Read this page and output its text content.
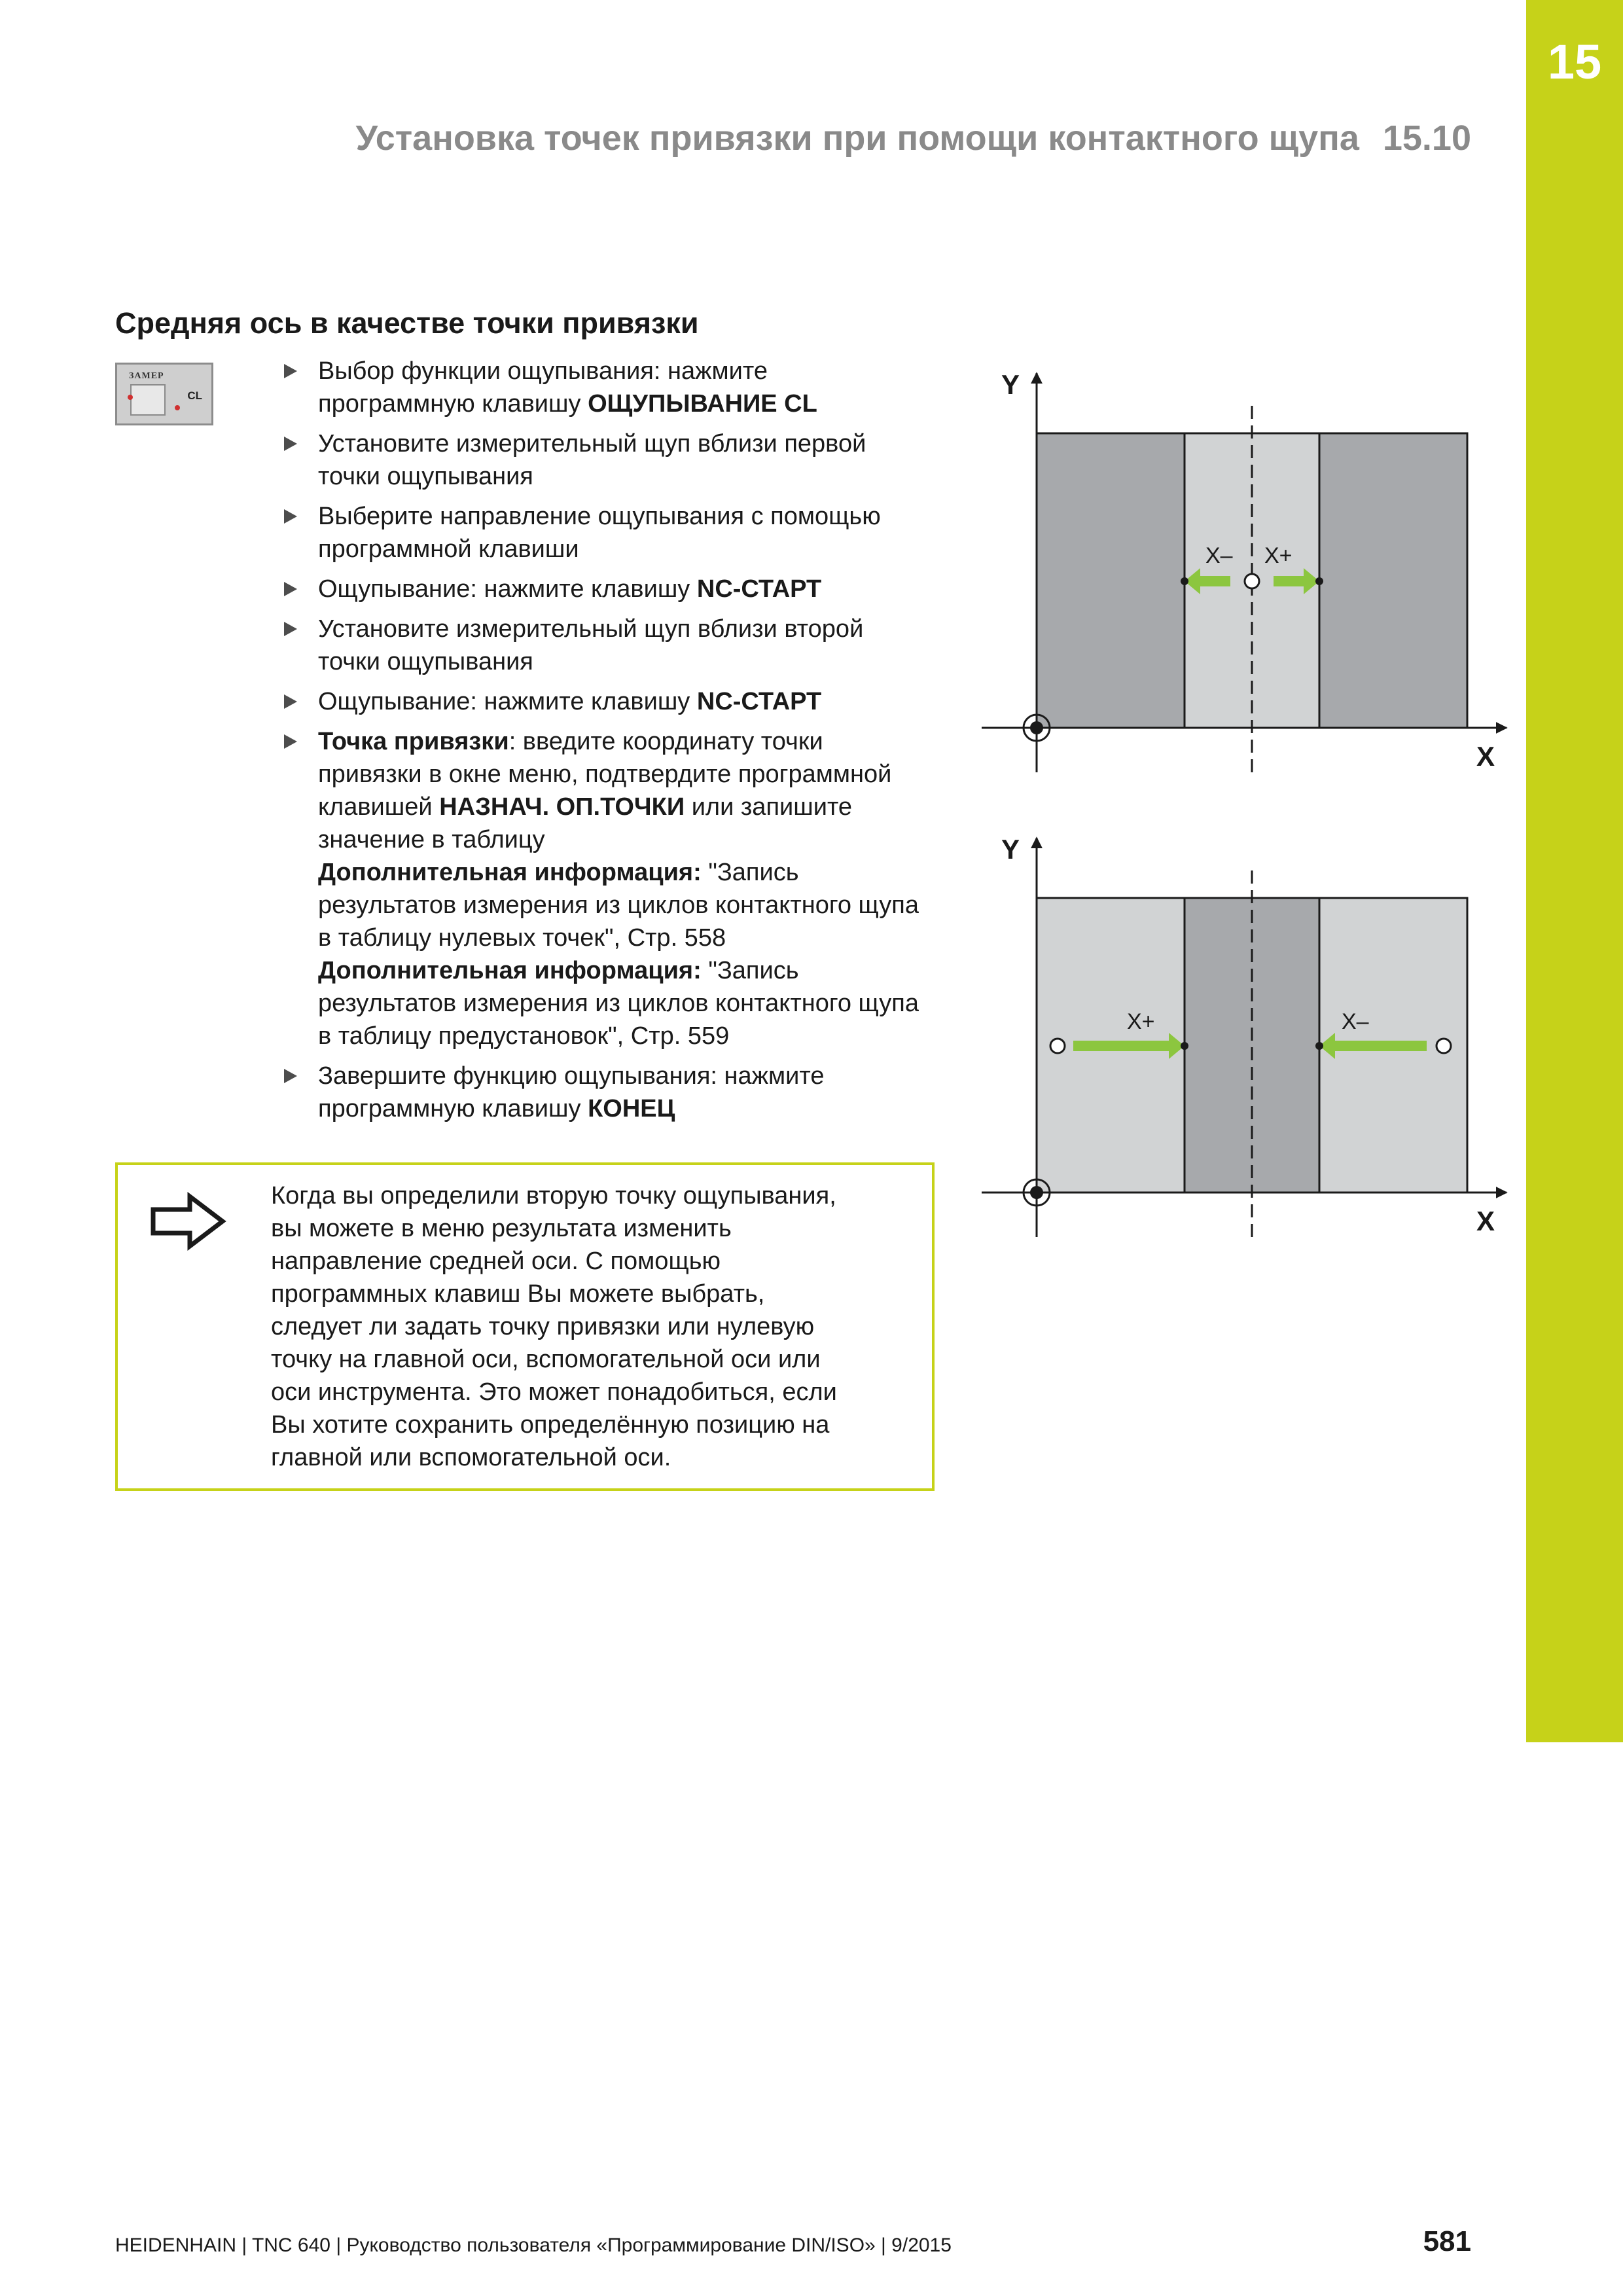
15
Установка точек привязки при помощи контактного щупа 15.10
Средняя ось в качестве точки привязки
ЗАМЕР
CL
Выбор функции ощупывания: нажмите программную клавишу ОЩУПЫВАНИЕ CL
Установите измерительный щуп вблизи первой точки ощупывания
Выберите направление ощупывания с помощью программной клавиши
Ощупывание: нажмите клавишу NC-СТАРТ
Установите измерительный щуп вблизи второй точки ощупывания
Ощупывание: нажмите клавишу NC-СТАРТ
Точка привязки: введите координату точки привязки в окне меню, подтвердите программной клавишей НАЗНАЧ. ОП.ТОЧКИ или запишите значение в таблицу
Дополнительная информация: "Запись результатов измерения из циклов контактного щупа в таблицу нулевых точек", Стр. 558
Дополнительная информация: "Запись результатов измерения из циклов контактного щупа в таблицу предустановок", Стр. 559
Завершите функцию ощупывания: нажмите программную клавишу КОНЕЦ

Когда вы определили вторую точку ощупывания,
вы можете в меню результата изменить
направление средней оси. С помощью
программных клавиш Вы можете выбрать,
следует ли задать точку привязки или нулевую
точку на главной оси, вспомогательной оси или
оси инструмента. Это может понадобиться, если
Вы хотите сохранить определённую позицию на
главной или вспомогательной оси.

Y
X
X– X+
Y
X
X+	X–
HEIDENHAIN | TNC 640 | Руководство пользователя «Программирование DIN/ISO» | 9/2015	581
